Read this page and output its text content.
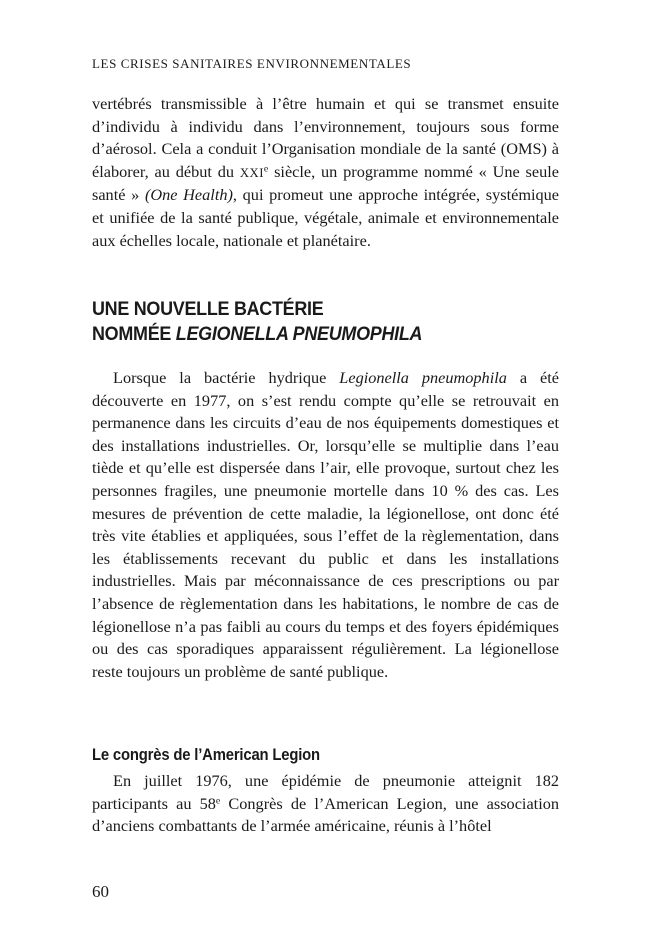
LES CRISES SANITAIRES ENVIRONNEMENTALES

vertébrés transmissible à l’être humain et qui se transmet ensuite d’individu à individu dans l’environnement, toujours sous forme d’aérosol. Cela a conduit l’Organisation mondiale de la santé (OMS) à élaborer, au début du XXIe siècle, un programme nommé « Une seule santé » (One Health), qui promeut une approche intégrée, systémique et unifiée de la santé publique, végétale, animale et environnementale aux échelles locale, nationale et planétaire.

UNE NOUVELLE BACTÉRIE
NOMMÉE LEGIONELLA PNEUMOPHILA

Lorsque la bactérie hydrique Legionella pneumophila a été découverte en 1977, on s’est rendu compte qu’elle se retrouvait en permanence dans les circuits d’eau de nos équipements domestiques et des installations industrielles. Or, lorsqu’elle se multiplie dans l’eau tiède et qu’elle est dispersée dans l’air, elle provoque, surtout chez les personnes fragiles, une pneumonie mortelle dans 10 % des cas. Les mesures de prévention de cette maladie, la légionellose, ont donc été très vite établies et appliquées, sous l’effet de la règlementation, dans les établissements recevant du public et dans les installations industrielles. Mais par méconnaissance de ces prescriptions ou par l’absence de règlementation dans les habitations, le nombre de cas de légionellose n’a pas faibli au cours du temps et des foyers épidémiques ou des cas sporadiques apparaissent régulièrement. La légionellose reste toujours un problème de santé publique.

Le congrès de l’American Legion

En juillet 1976, une épidémie de pneumonie atteignit 182 participants au 58e Congrès de l’American Legion, une association d’anciens combattants de l’armée américaine, réunis à l’hôtel

60
